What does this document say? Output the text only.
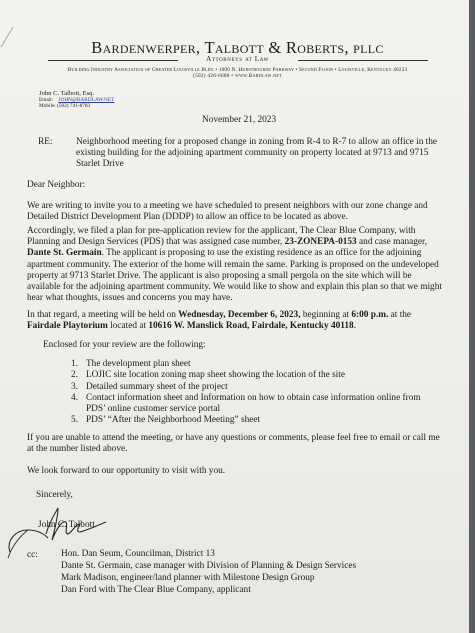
Bardenwerper, Talbott & Roberts, pllc
Attorneys at Law
Building Industry Association of Greater Louisville Bldg • 1000 N. Hurstbourne Parkway • Second Floor • Louisville, Kentucky 40223
(502) 426-6688 • www.Bardlaw.net
John C. Talbott, Esq.
Email: JOHN@BARDLAW.NET
Mobile: (502) 741-8783
November 21, 2023
RE:	Neighborhood meeting for a proposed change in zoning from R-4 to R-7 to allow an office in the
existing building for the adjoining apartment community on property located at 9713 and 9715
Starlet Drive
Dear Neighbor:
We are writing to invite you to a meeting we have scheduled to present neighbors with our zone change and
Detailed District Development Plan (DDDP) to allow an office to be located as above.
Accordingly, we filed a plan for pre-application review for the applicant, The Clear Blue Company, with
Planning and Design Services (PDS) that was assigned case number, 23-ZONEPA-0153 and case manager,
Dante St. Germain. The applicant is proposing to use the existing residence as an office for the adjoining
apartment community. The exterior of the home will remain the same. Parking is proposed on the undeveloped
property at 9713 Starlet Drive. The applicant is also proposing a small pergola on the site which will be
available for the adjoining apartment community. We would like to show and explain this plan so that we might
hear what thoughts, issues and concerns you may have.
In that regard, a meeting will be held on Wednesday, December 6, 2023, beginning at 6:00 p.m. at the
Fairdale Playtorium located at 10616 W. Manslick Road, Fairdale, Kentucky 40118.
Enclosed for your review are the following:
1. The development plan sheet
2. LOJIC site location zoning map sheet showing the location of the site
3. Detailed summary sheet of the project
4. Contact information sheet and Information on how to obtain case information online from
PDS’ online customer service portal
5. PDS’ “After the Neighborhood Meeting” sheet
If you are unable to attend the meeting, or have any questions or comments, please feel free to email or call me
at the number listed above.
We look forward to our opportunity to visit with you.
Sincerely,
John C. Talbott
cc: Hon. Dan Seum, Councilman, District 13
Dante St. Germain, case manager with Division of Planning & Design Services
Mark Madison, engineer/land planner with Milestone Design Group
Dan Ford with The Clear Blue Company, applicant
